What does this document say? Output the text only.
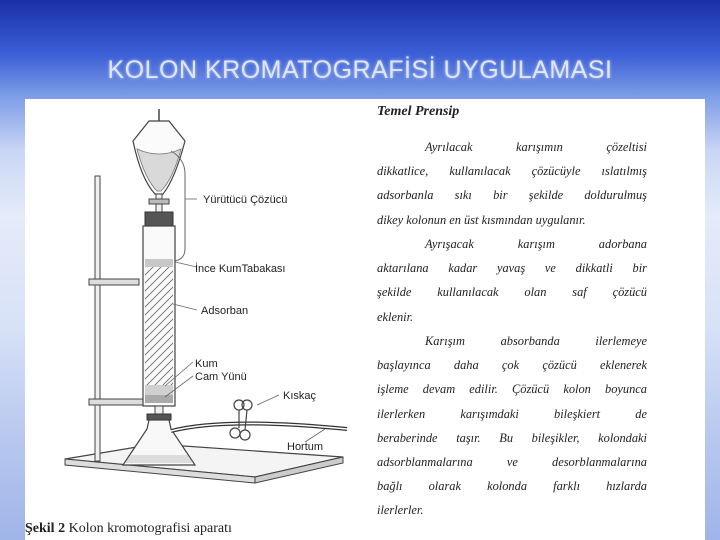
KOLON KROMATOGRAFİSİ UYGULAMASI
Yürütücü Çözücü
İnce KumTabakası
Adsorban
Kum
Cam Yünü
Kıskaç
Hortum
Şekil 2 Kolon kromotografisi aparatı
Temel Prensip
Ayrılacak karışımın çözeltisi
dikkatlice, kullanılacak çözücüyle ıslatılmış
adsorbanla sıkı bir şekilde doldurulmuş
dikey kolonun en üst kısmından uygulanır.
Ayrışacak karışım adorbana
aktarılana kadar yavaş ve dikkatli bir
şekilde kullanılacak olan saf çözücü
eklenir.
Karışım absorbanda ilerlemeye
başlayınca daha çok çözücü eklenerek
işleme devam edilir. Çözücü kolon boyunca
ilerlerken karışımdaki bileşkiert de
beraberinde taşır. Bu bileşikler, kolondaki
adsorblanmalarına ve desorblanmalarına
bağlı olarak kolonda farklı hızlarda
ilerlerler.
